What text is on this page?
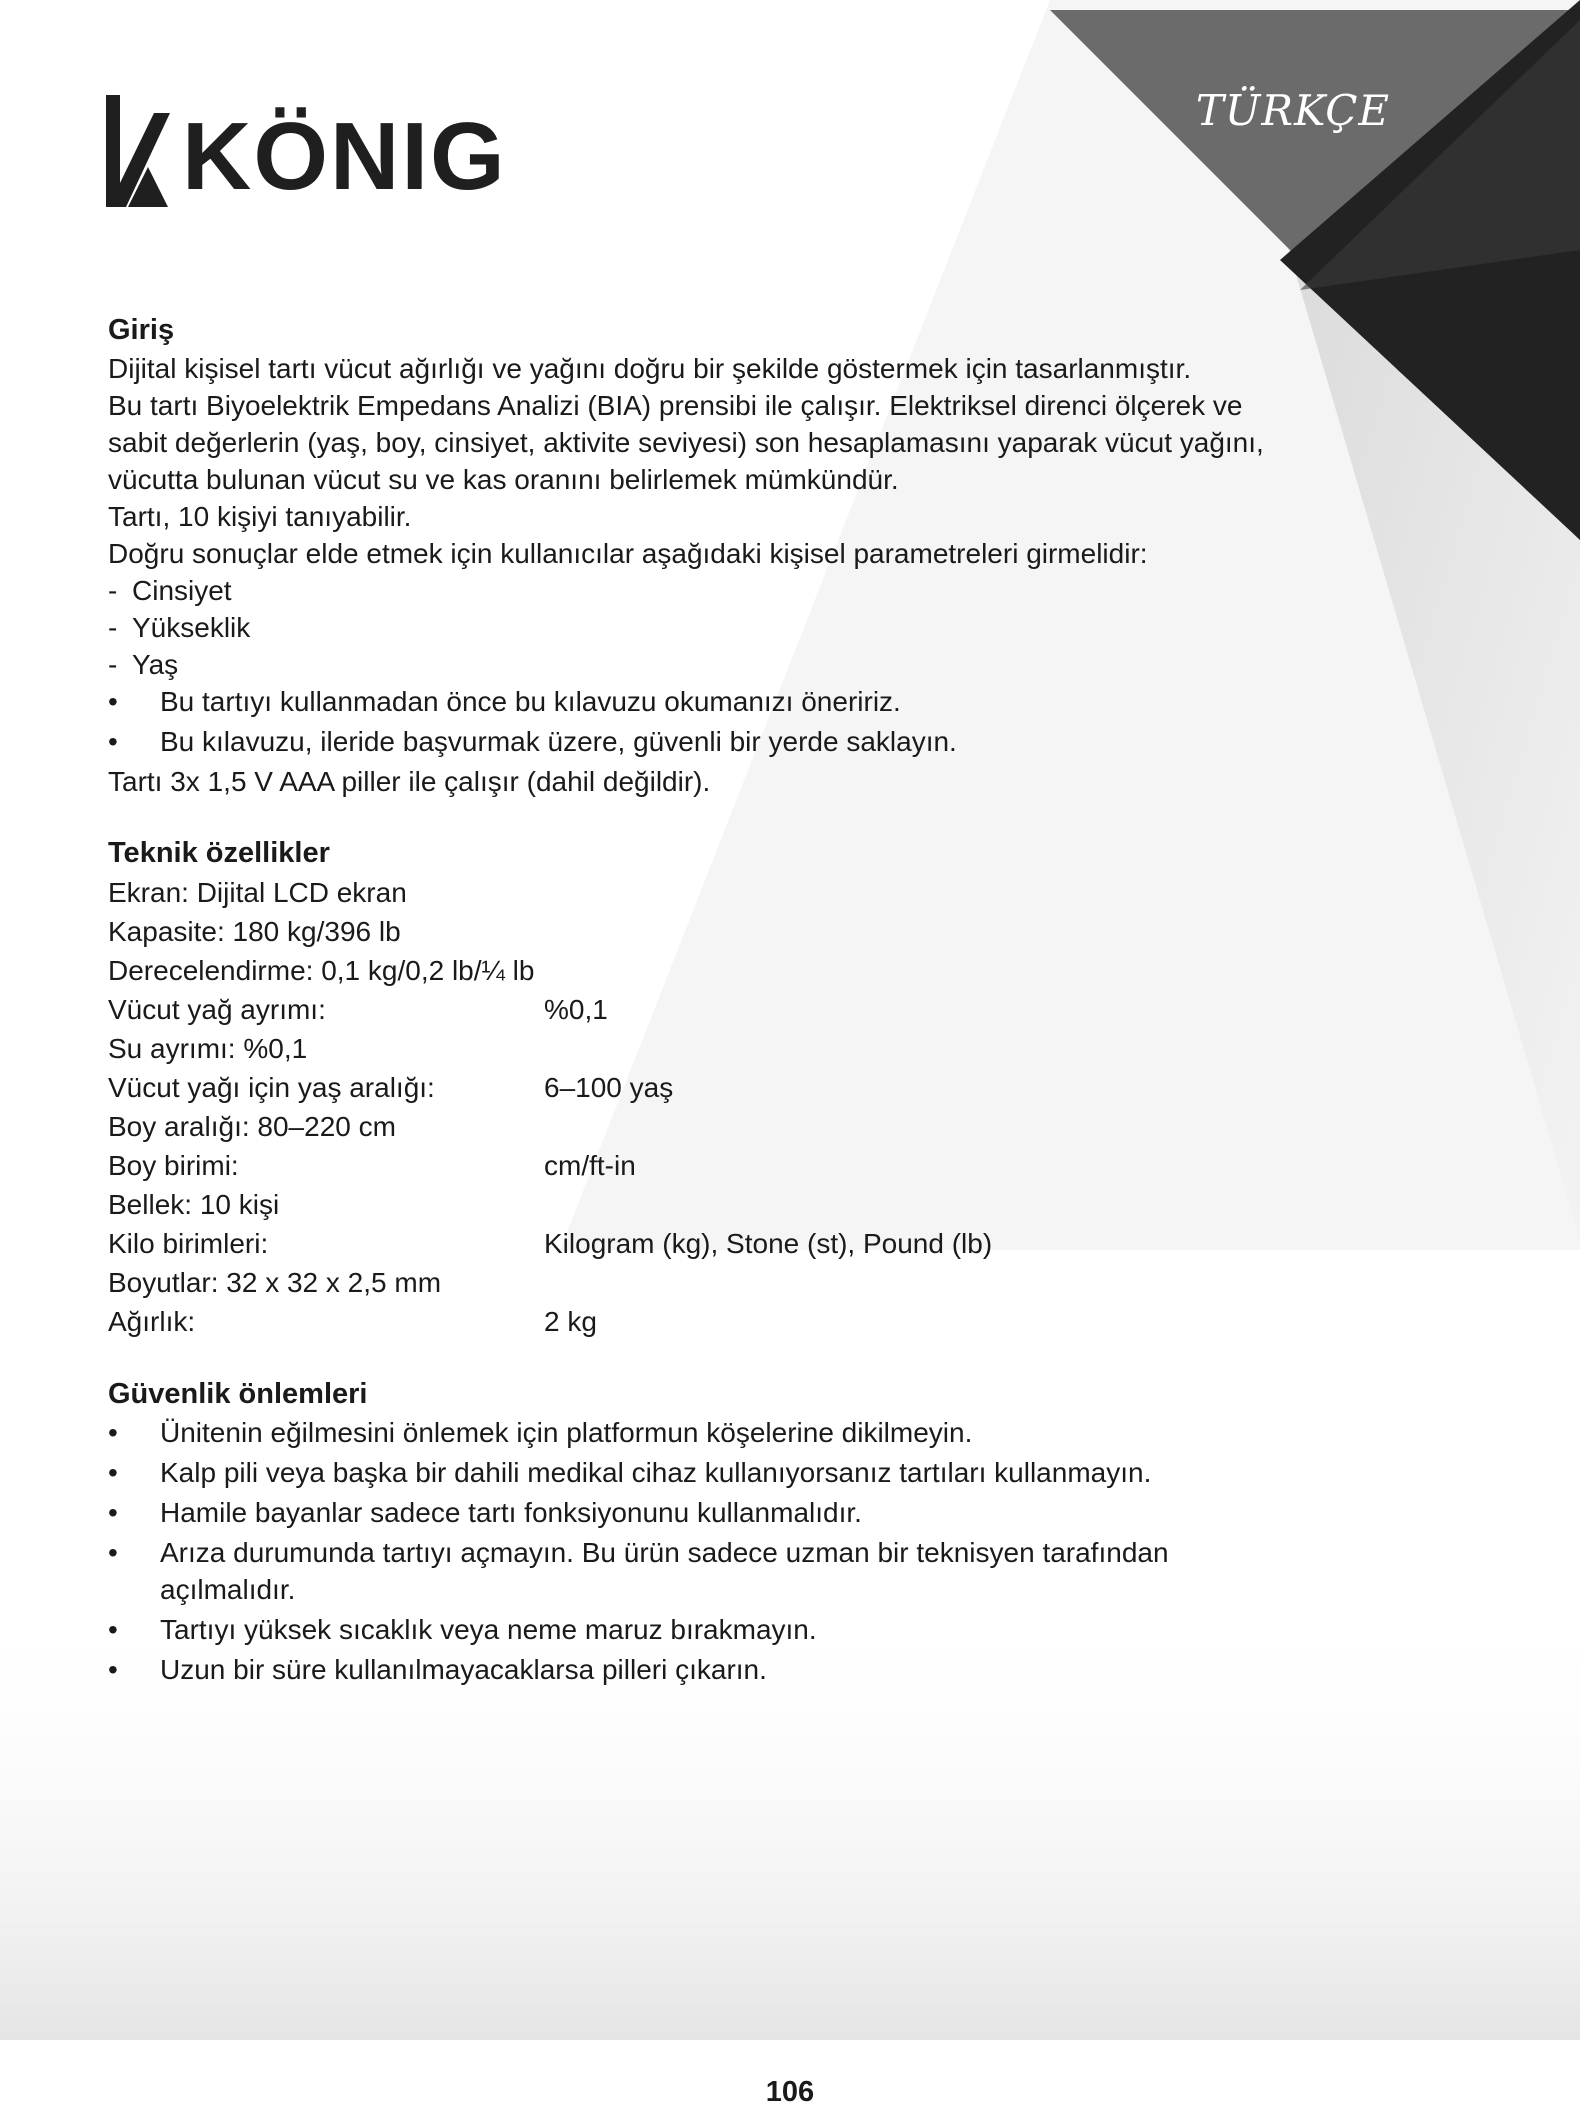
KÖNIG	TÜRKÇE

Giriş

Dijital kişisel tartı vücut ağırlığı ve yağını doğru bir şekilde göstermek için tasarlanmıştır.

Bu tartı Biyoelektrik Empedans Analizi (BIA) prensibi ile çalışır. Elektriksel direnci ölçerek ve

sabit değerlerin (yaş, boy, cinsiyet, aktivite seviyesi) son hesaplamasını yaparak vücut yağını,

vücutta bulunan vücut su ve kas oranını belirlemek mümkündür.

Tartı, 10 kişiyi tanıyabilir.

Doğru sonuçlar elde etmek için kullanıcılar aşağıdaki kişisel parametreleri girmelidir:

- Cinsiyet
- Yükseklik
- Yaş
•	Bu tartıyı kullanmadan önce bu kılavuzu okumanızı öneririz.
•	Bu kılavuzu, ileride başvurmak üzere, güvenli bir yerde saklayın.

Tartı 3x 1,5 V AAA piller ile çalışır (dahil değildir).

Teknik özellikler

Ekran: Dijital LCD ekran
Kapasite: 180 kg/396 lb
Derecelendirme: 0,1 kg/0,2 lb/¼ lb
Vücut yağ ayrımı:	%0,1
Su ayrımı: %0,1
Vücut yağı için yaş aralığı:	6–100 yaş
Boy aralığı: 80–220 cm
Boy birimi:	cm/ft-in
Bellek: 10 kişi
Kilo birimleri:	Kilogram (kg), Stone (st), Pound (lb)
Boyutlar: 32 x 32 x 2,5 mm
Ağırlık:	2 kg

Güvenlik önlemleri

•	Ünitenin eğilmesini önlemek için platformun köşelerine dikilmeyin.
•	Kalp pili veya başka bir dahili medikal cihaz kullanıyorsanız tartıları kullanmayın.
•	Hamile bayanlar sadece tartı fonksiyonunu kullanmalıdır.
•	Arıza durumunda tartıyı açmayın. Bu ürün sadece uzman bir teknisyen tarafından açılmalıdır.
•	Tartıyı yüksek sıcaklık veya neme maruz bırakmayın.
•	Uzun bir süre kullanılmayacaklarsa pilleri çıkarın.
106
